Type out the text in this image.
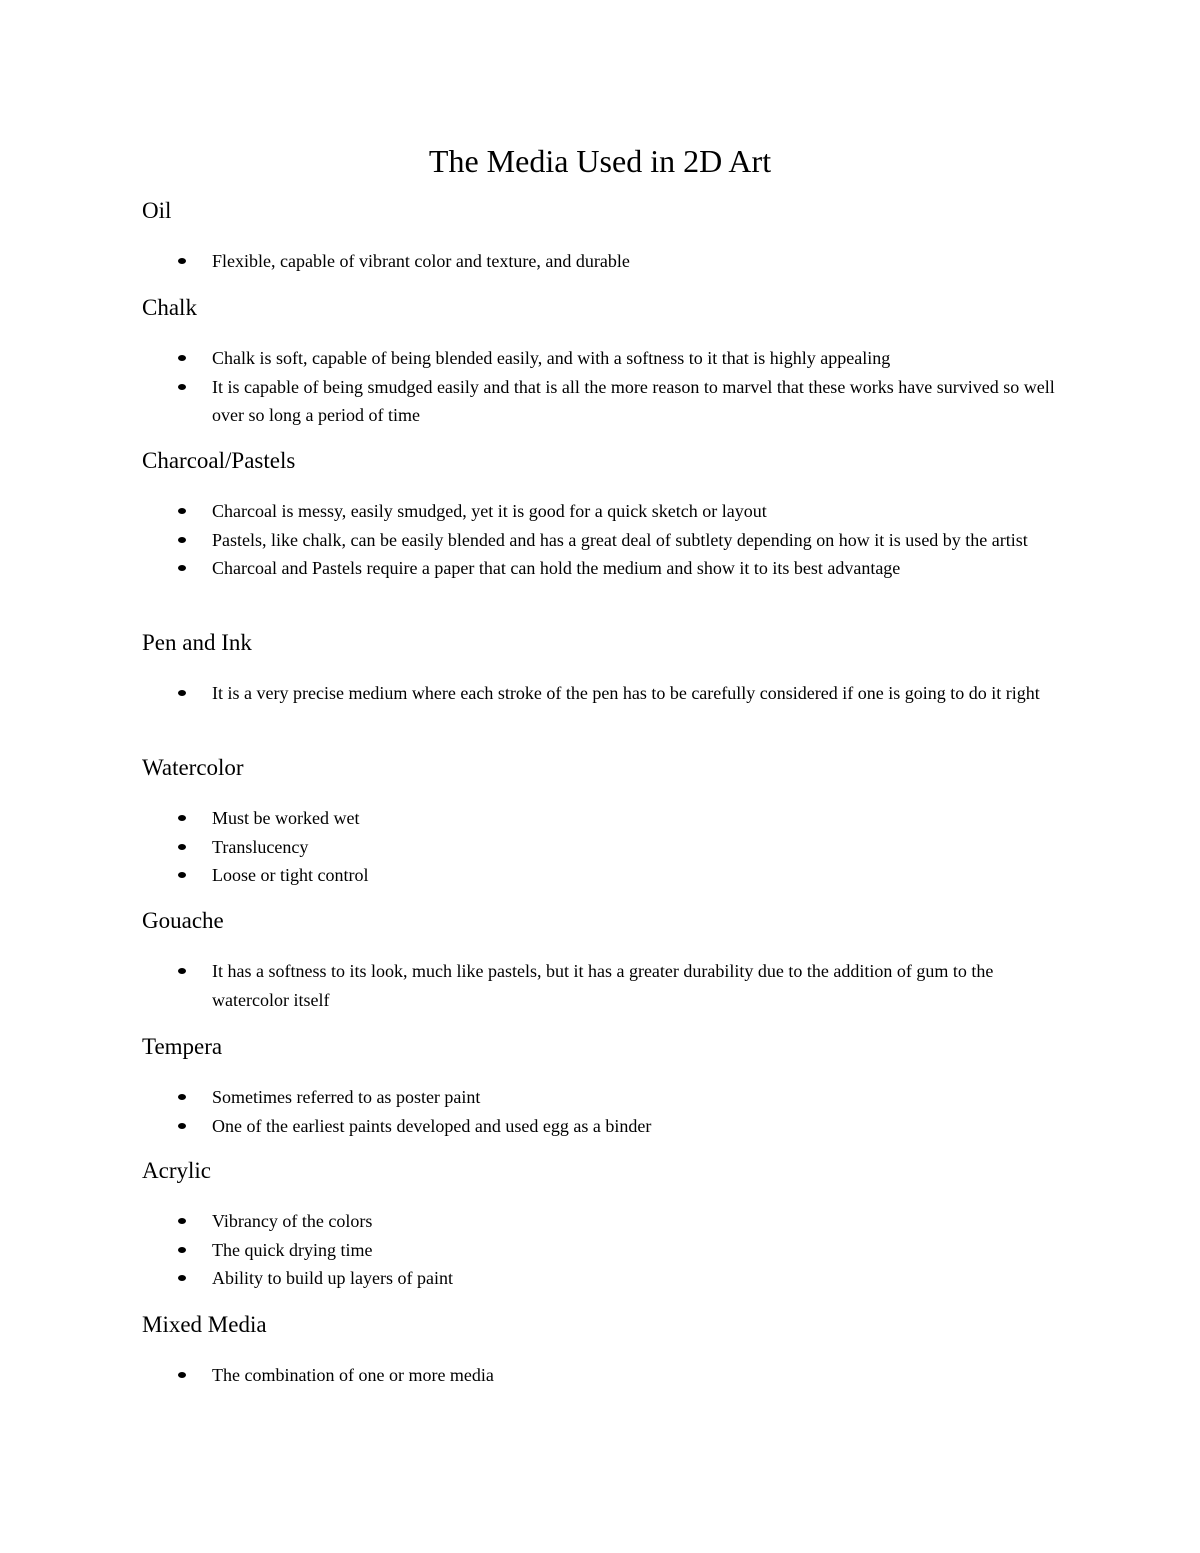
The Media Used in 2D Art
Oil
Flexible, capable of vibrant color and texture, and durable
Chalk
Chalk is soft, capable of being blended easily, and with a softness to it that is highly appealing
It is capable of being smudged easily and that is all the more reason to marvel that these works have survived so well over so long a period of time
Charcoal/Pastels
Charcoal is messy, easily smudged, yet it is good for a quick sketch or layout
Pastels, like chalk, can be easily blended and has a great deal of subtlety depending on how it is used by the artist
Charcoal and Pastels require a paper that can hold the medium and show it to its best advantage
Pen and Ink
It is a very precise medium where each stroke of the pen has to be carefully considered if one is going to do it right
Watercolor
Must be worked wet
Translucency
Loose or tight control
Gouache
It has a softness to its look, much like pastels, but it has a greater durability due to the addition of gum to the watercolor itself
Tempera
Sometimes referred to as poster paint
One of the earliest paints developed and used egg as a binder
Acrylic
Vibrancy of the colors
The quick drying time
Ability to build up layers of paint
Mixed Media
The combination of one or more media
